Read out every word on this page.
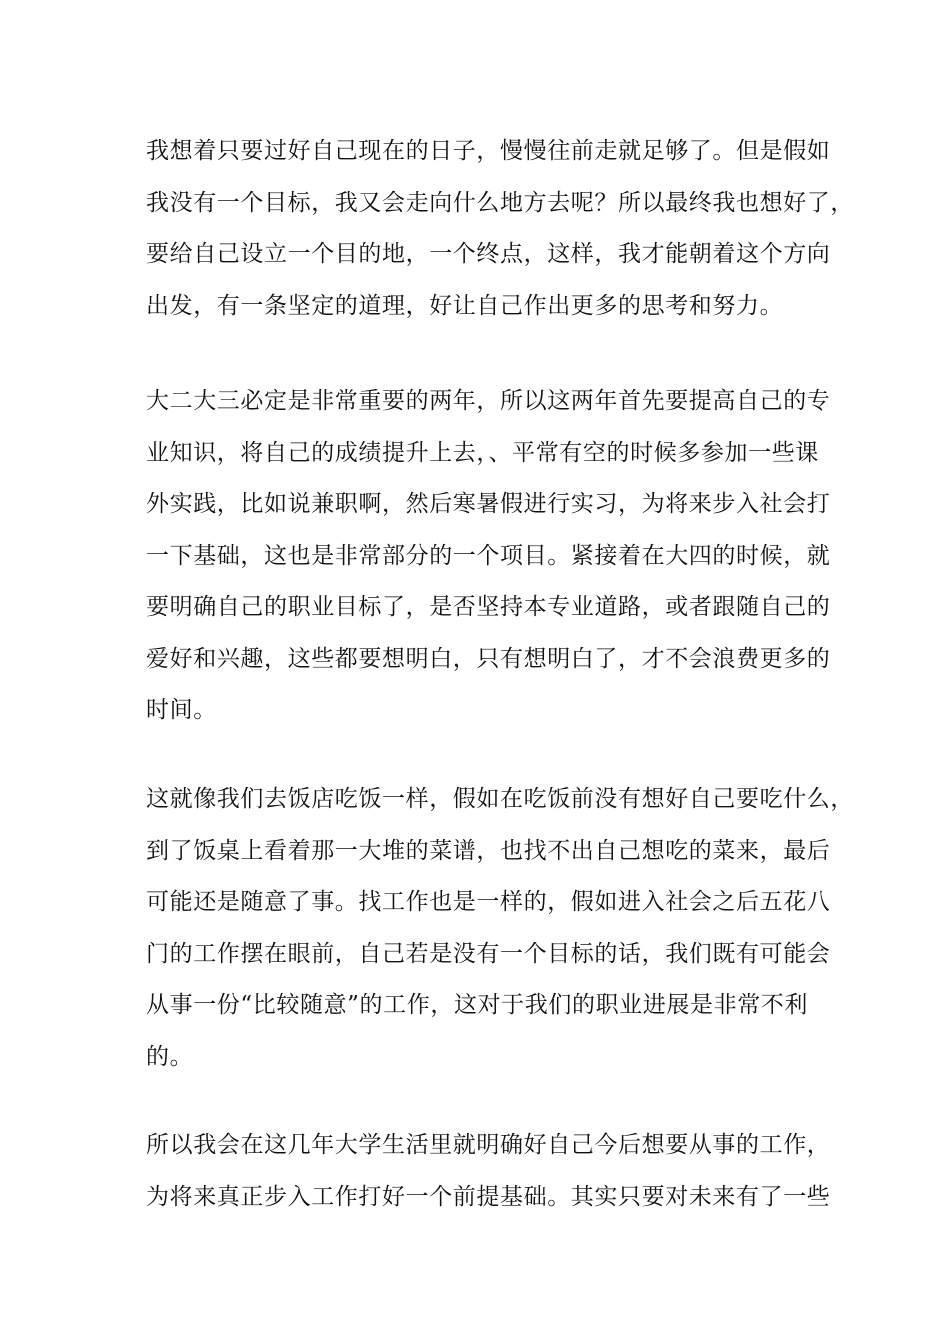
我想着只要过好自己现在的日子，慢慢往前走就足够了。但是假如
我没有一个目标，我又会走向什么地方去呢？所以最终我也想好了，
要给自己设立一个目的地，一个终点，这样，我才能朝着这个方向
出发，有一条坚定的道理，好让自己作出更多的思考和努力。
大二大三必定是非常重要的两年，所以这两年首先要提高自己的专
业知识，将自己的成绩提升上去，、平常有空的时候多参加一些课
外实践，比如说兼职啊，然后寒暑假进行实习，为将来步入社会打
一下基础，这也是非常部分的一个项目。紧接着在大四的时候，就
要明确自己的职业目标了，是否坚持本专业道路，或者跟随自己的
爱好和兴趣，这些都要想明白，只有想明白了，才不会浪费更多的
时间。
这就像我们去饭店吃饭一样，假如在吃饭前没有想好自己要吃什么，
到了饭桌上看着那一大堆的菜谱，也找不出自己想吃的菜来，最后
可能还是随意了事。找工作也是一样的，假如进入社会之后五花八
门的工作摆在眼前，自己若是没有一个目标的话，我们既有可能会
从事一份“比较随意”的工作，这对于我们的职业进展是非常不利
的。
所以我会在这几年大学生活里就明确好自己今后想要从事的工作，
为将来真正步入工作打好一个前提基础。其实只要对未来有了一些
